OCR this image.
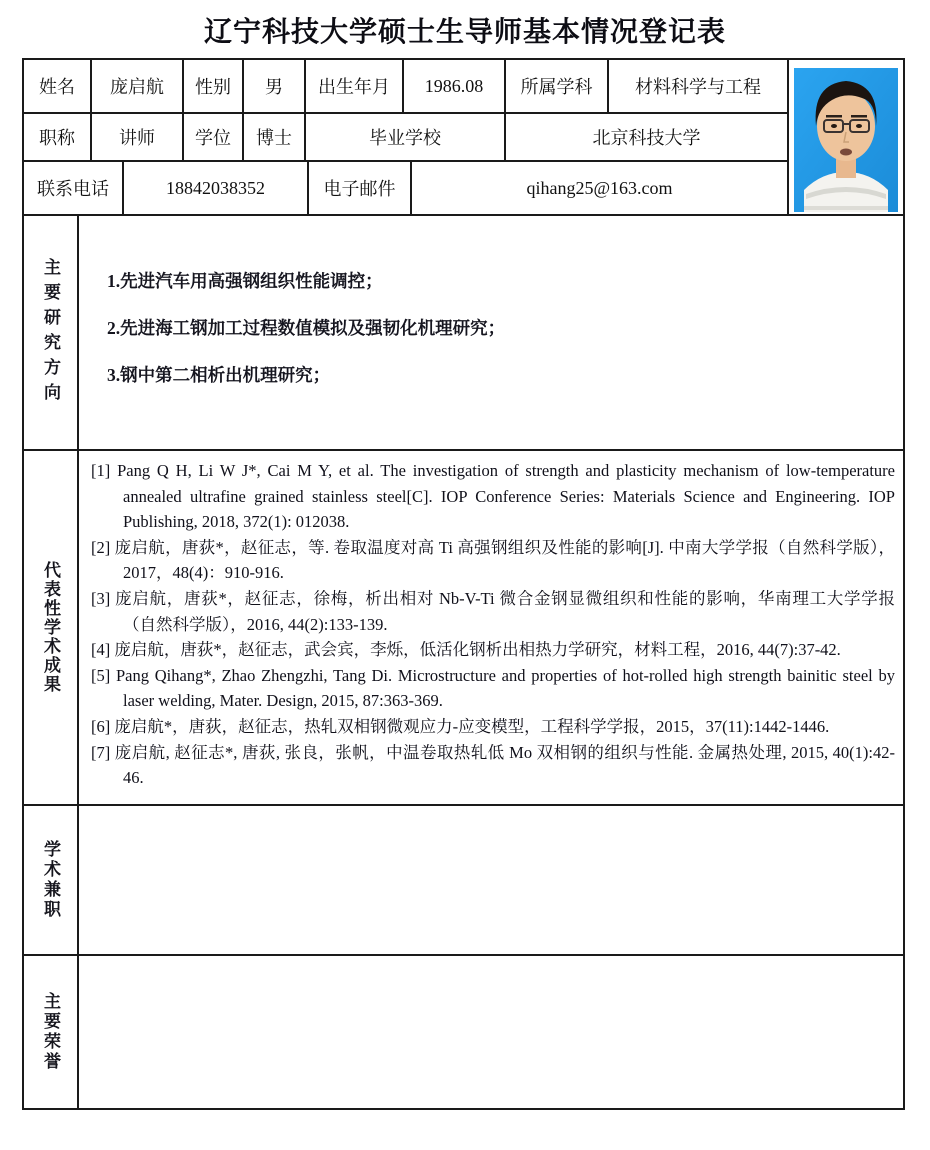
辽宁科技大学硕士生导师基本情况登记表
姓名	庞启航	性别	男	出生年月	1986.08	所属学科	材料科学与工程
职称	讲师	学位	博士	毕业学校	北京科技大学
联系电话	18842038352	电子邮件	qihang25@163.com
主要研究方向	1.先进汽车用高强钢组织性能调控；
2.先进海工钢加工过程数值模拟及强韧化机理研究；
3.钢中第二相析出机理研究；
代表性学术成果
[1] Pang Q H, Li W J*, Cai M Y, et al. The investigation of strength and plasticity mechanism of low-temperature annealed ultrafine grained stainless steel[C]. IOP Conference Series: Materials Science and Engineering. IOP Publishing, 2018, 372(1): 012038.
[2] 庞启航，唐荻*，赵征志，等. 卷取温度对高 Ti 高强钢组织及性能的影响[J]. 中南大学学报（自然科学版），2017，48(4)：910-916.
[3] 庞启航，唐荻*，赵征志，徐梅，析出相对 Nb-V-Ti 微合金钢显微组织和性能的影响，华南理工大学学报（自然科学版），2016, 44(2):133-139.
[4] 庞启航，唐荻*，赵征志，武会宾，李烁，低活化钢析出相热力学研究，材料工程，2016, 44(7):37-42.
[5] Pang Qihang*, Zhao Zhengzhi, Tang Di. Microstructure and properties of hot-rolled high strength bainitic steel by laser welding, Mater. Design, 2015, 87:363-369.
[6] 庞启航*，唐荻，赵征志，热轧双相钢微观应力-应变模型，工程科学学报，2015，37(11):1442-1446.
[7] 庞启航, 赵征志*, 唐荻, 张良，张帆，中温卷取热轧低 Mo 双相钢的组织与性能. 金属热处理, 2015, 40(1):42-46.
学术兼职
主要荣誉
